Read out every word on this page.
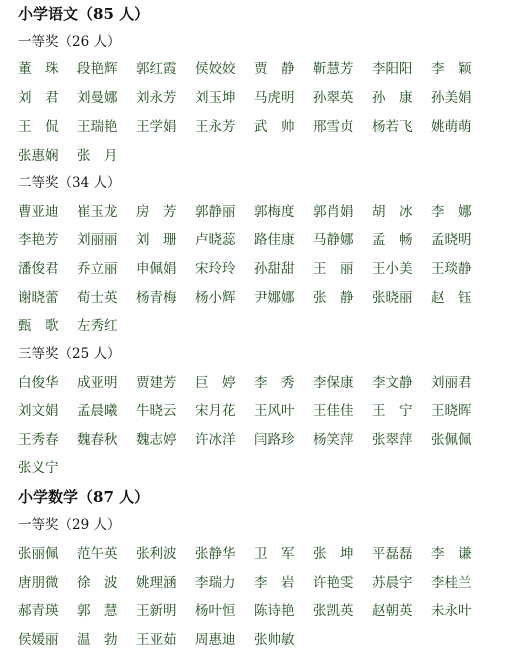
小学语文（85 人）
一等奖（26 人）
董　珠	段艳辉	郭红霞	侯姣姣	贾　静	靳慧芳	李阳阳	李　颖
刘　君	刘曼娜	刘永芳	刘玉坤	马虎明	孙翠英	孙　康	孙美娟
王　侃	王瑞艳	王学娟	王永芳	武　帅	邢雪贞	杨若飞	姚萌萌
张惠娴	张　月
二等奖（34 人）
曹亚迪	崔玉龙	房　芳	郭静丽	郭梅度	郭肖娟	胡　冰	李　娜
李艳芳	刘丽丽	刘　珊	卢晓蕊	路佳康	马静娜	孟　畅	孟晓明
潘俊君	乔立丽	申佩娟	宋玲玲	孙甜甜	王　丽	王小美	王琰静
谢晓蕾	荀士英	杨青梅	杨小辉	尹娜娜	张　静	张晓丽	赵　钰
甄　歌	左秀红
三等奖（25 人）
白俊华	成亚明	贾建芳	巨　婷	李　秀	李保康	李文静	刘丽君
刘文娟	孟晨曦	牛晓云	宋月花	王风叶	王佳佳	王　宁	王晓晖
王秀春	魏春秋	魏志婷	许冰洋	闫路珍	杨笑萍	张翠萍	张佩佩
张义宁
小学数学（87 人）
一等奖（29 人）
张丽佩	范午英	张利波	张静华	卫　军	张　坤	平磊磊	李　谦
唐朋微	徐　波	姚理涵	李瑞力	李　岩	许艳雯	苏晨宇	李桂兰
郝青瑛	郭　慧	王新明	杨叶恒	陈诗艳	张凯英	赵朝英	未永叶
侯媛丽	温　勃	王亚茹	周惠迪	张帅敏
